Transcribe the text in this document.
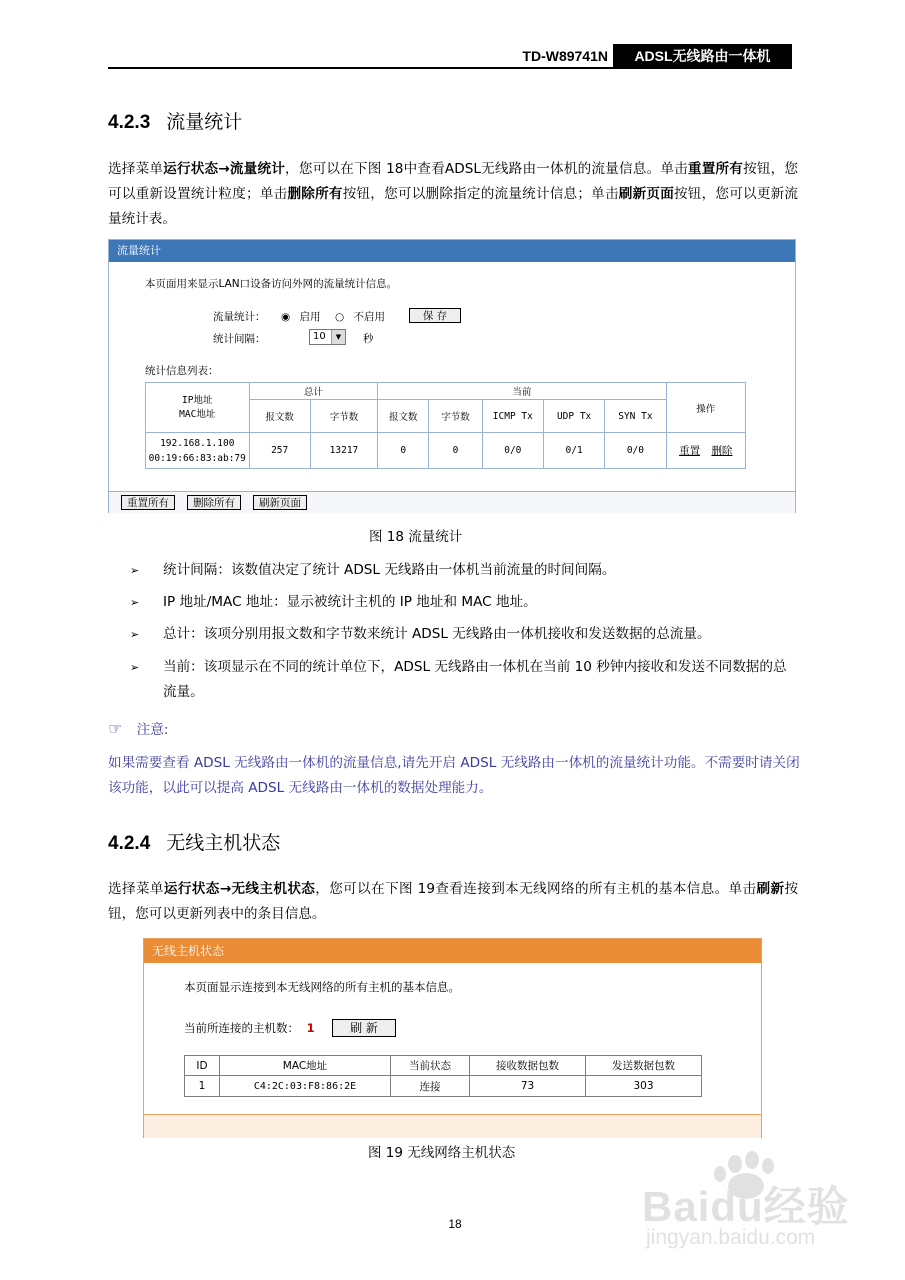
TD-W89741N	ADSL无线路由一体机
4.2.3 流量统计
选择菜单运行状态→流量统计，您可以在下图 18中查看ADSL无线路由一体机的流量信息。单击重置所有按钮，您可以重新设置统计粒度；单击删除所有按钮，您可以删除指定的流量统计信息；单击刷新页面按钮，您可以更新流量统计表。
流量统计
本页面用来显示LAN口设备访问外网的流量统计信息。
流量统计： ◉ 启用 ○ 不启用	保 存
统计间隔：	10	▼	秒
统计信息列表：
IP地址
MAC地址	总计		当前					操作
	报文数	字节数	报文数	字节数	ICMP Tx	UDP Tx	SYN Tx	

192.168.1.100
00:19:66:83:ab:79	257	13217	0	0	0/0	0/1	0/0	重置 删除
重置所有	删除所有	刷新页面
图 18 流量统计
➢ 统计间隔：该数值决定了统计 ADSL 无线路由一体机当前流量的时间间隔。
➢ IP 地址/MAC 地址：显示被统计主机的 IP 地址和 MAC 地址。
➢ 总计：该项分别用报文数和字节数来统计 ADSL 无线路由一体机接收和发送数据的总流量。
➢ 当前：该项显示在不同的统计单位下，ADSL 无线路由一体机在当前 10 秒钟内接收和发送不同数据的总流量。
☞ 注意:
如果需要查看 ADSL 无线路由一体机的流量信息,请先开启 ADSL 无线路由一体机的流量统计功能。不需要时请关闭该功能，以此可以提高 ADSL 无线路由一体机的数据处理能力。
4.2.4 无线主机状态
选择菜单运行状态→无线主机状态，您可以在下图 19查看连接到本无线网络的所有主机的基本信息。单击刷新按钮，您可以更新列表中的条目信息。
无线主机状态
本页面显示连接到本无线网络的所有主机的基本信息。
当前所连接的主机数： 1	刷 新
ID	MAC地址	当前状态	接收数据包数	发送数据包数
1	C4:2C:03:F8:86:2E	连接	73	303
图 19 无线网络主机状态
18	Baidu经验
jingyan.baidu.com
